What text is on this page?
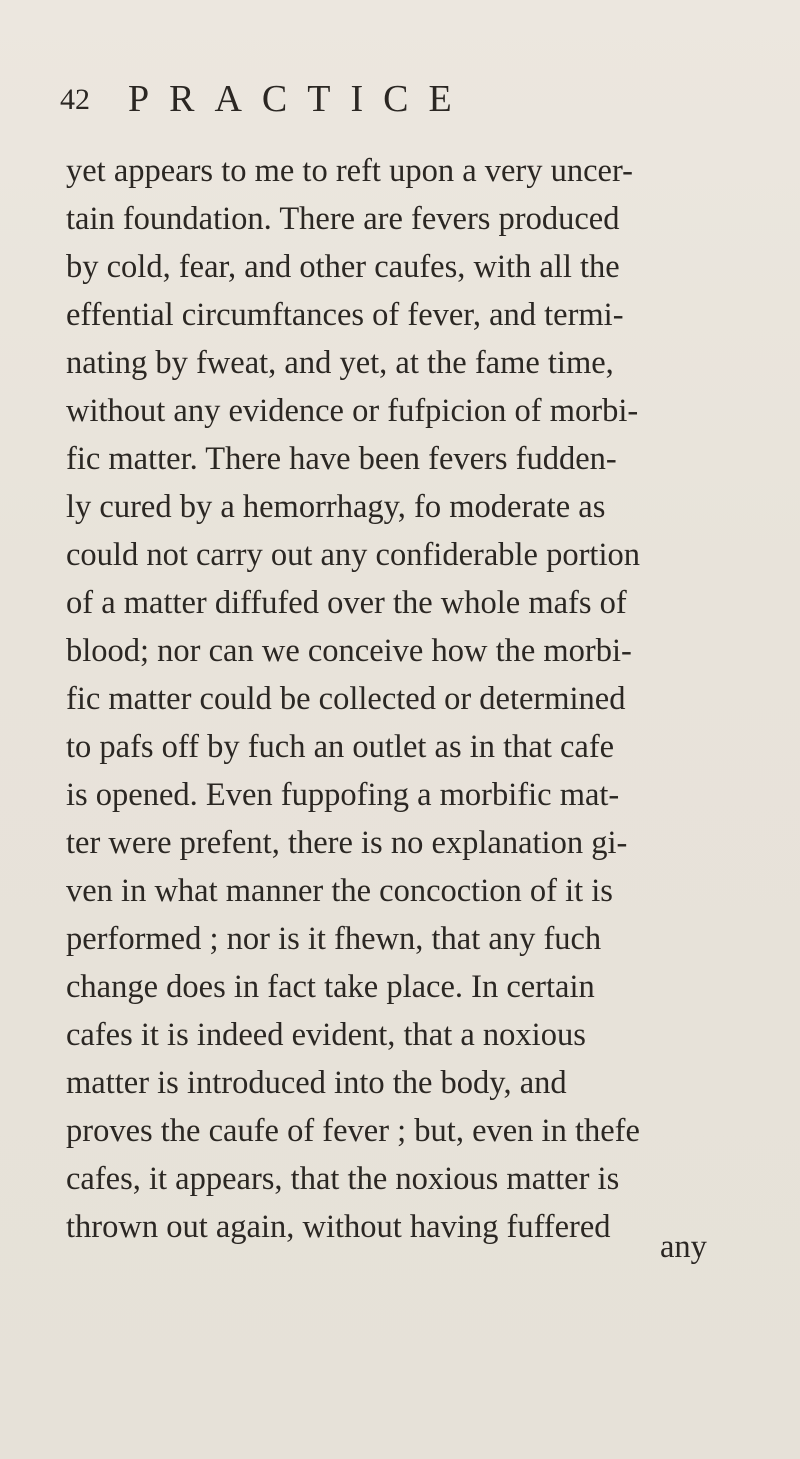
42 PRACTICE
yet appears to me to reft upon a very uncer-
tain foundation. There are fevers produced
by cold, fear, and other caufes, with all the
effential circumftances of fever, and termi-
nating by fweat, and yet, at the fame time,
without any evidence or fufpicion of morbi-
fic matter. There have been fevers fudden-
ly cured by a hemorrhagy, fo moderate as
could not carry out any confiderable portion
of a matter diffufed over the whole mafs of
blood; nor can we conceive how the morbi-
fic matter could be collected or determined
to pafs off by fuch an outlet as in that cafe
is opened. Even fuppofing a morbific mat-
ter were prefent, there is no explanation gi-
ven in what manner the concoction of it is
performed ; nor is it fhewn, that any fuch
change does in fact take place. In certain
cafes it is indeed evident, that a noxious
matter is introduced into the body, and
proves the caufe of fever ; but, even in thefe
cafes, it appears, that the noxious matter is
thrown out again, without having fuffered
any
